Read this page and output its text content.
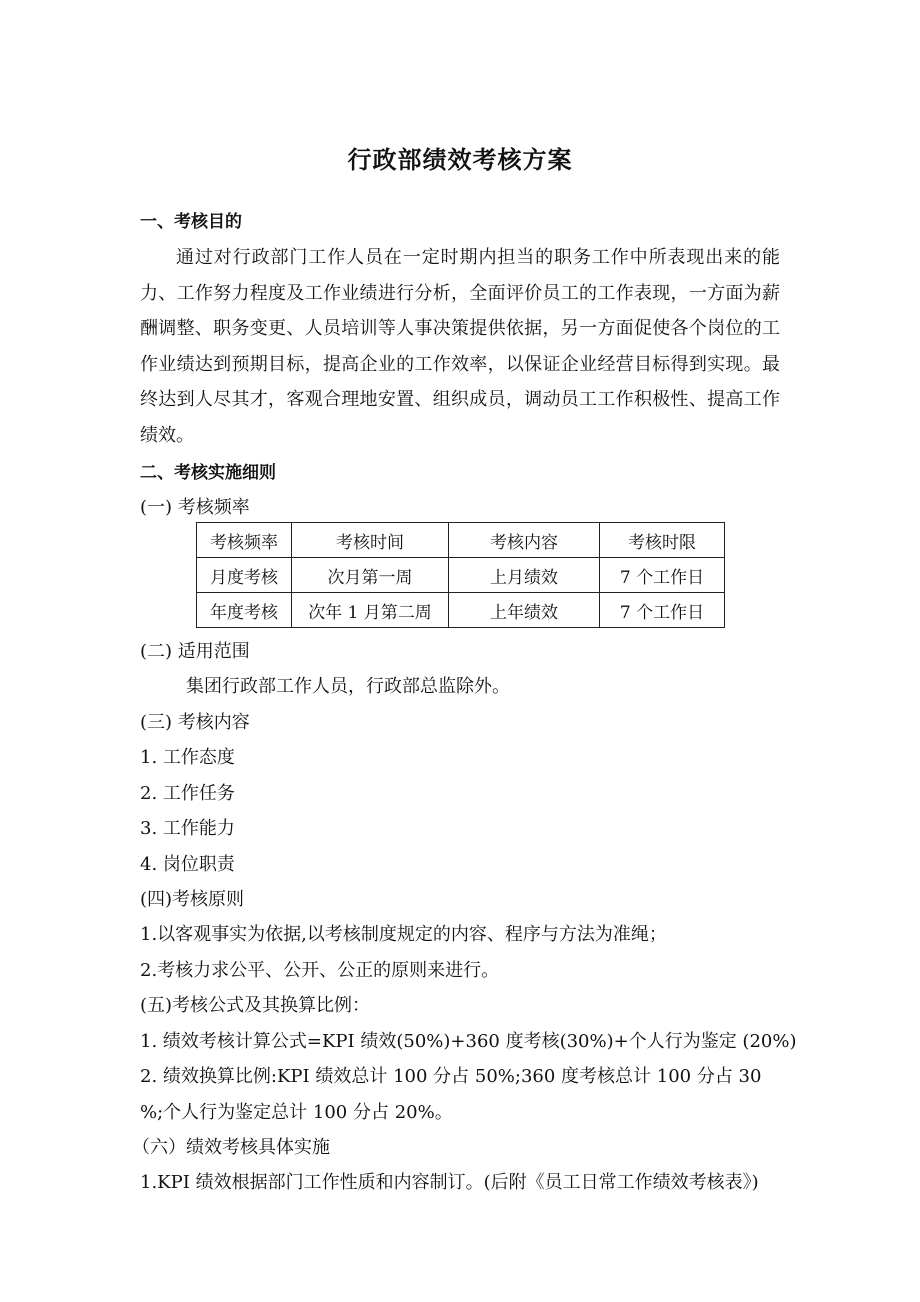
行政部绩效考核方案
一、考核目的
通过对行政部门工作人员在一定时期内担当的职务工作中所表现出来的能力、工作努力程度及工作业绩进行分析，全面评价员工的工作表现，一方面为薪酬调整、职务变更、人员培训等人事决策提供依据，另一方面促使各个岗位的工作业绩达到预期目标，提高企业的工作效率，以保证企业经营目标得到实现。最终达到人尽其才，客观合理地安置、组织成员，调动员工工作积极性、提高工作绩效。
二、考核实施细则
(一) 考核频率
考核频率	考核时间	考核内容	考核时限
月度考核	次月第一周	上月绩效	7 个工作日
年度考核	次年 1 月第二周	上年绩效	7 个工作日
(二) 适用范围
集团行政部工作人员，行政部总监除外。
(三) 考核内容
1. 工作态度
2. 工作任务
3. 工作能力
4. 岗位职责
(四)考核原则
1.以客观事实为依据,以考核制度规定的内容、程序与方法为准绳；
2.考核力求公平、公开、公正的原则来进行。
(五)考核公式及其换算比例：
1. 绩效考核计算公式=KPI 绩效(50%)+360 度考核(30%)+个人行为鉴定 (20%)
2. 绩效换算比例:KPI 绩效总计 100 分占 50%;360 度考核总计 100 分占 30
%;个人行为鉴定总计 100 分占 20%。
（六）绩效考核具体实施
1.KPI 绩效根据部门工作性质和内容制订。(后附《员工日常工作绩效考核表》)
